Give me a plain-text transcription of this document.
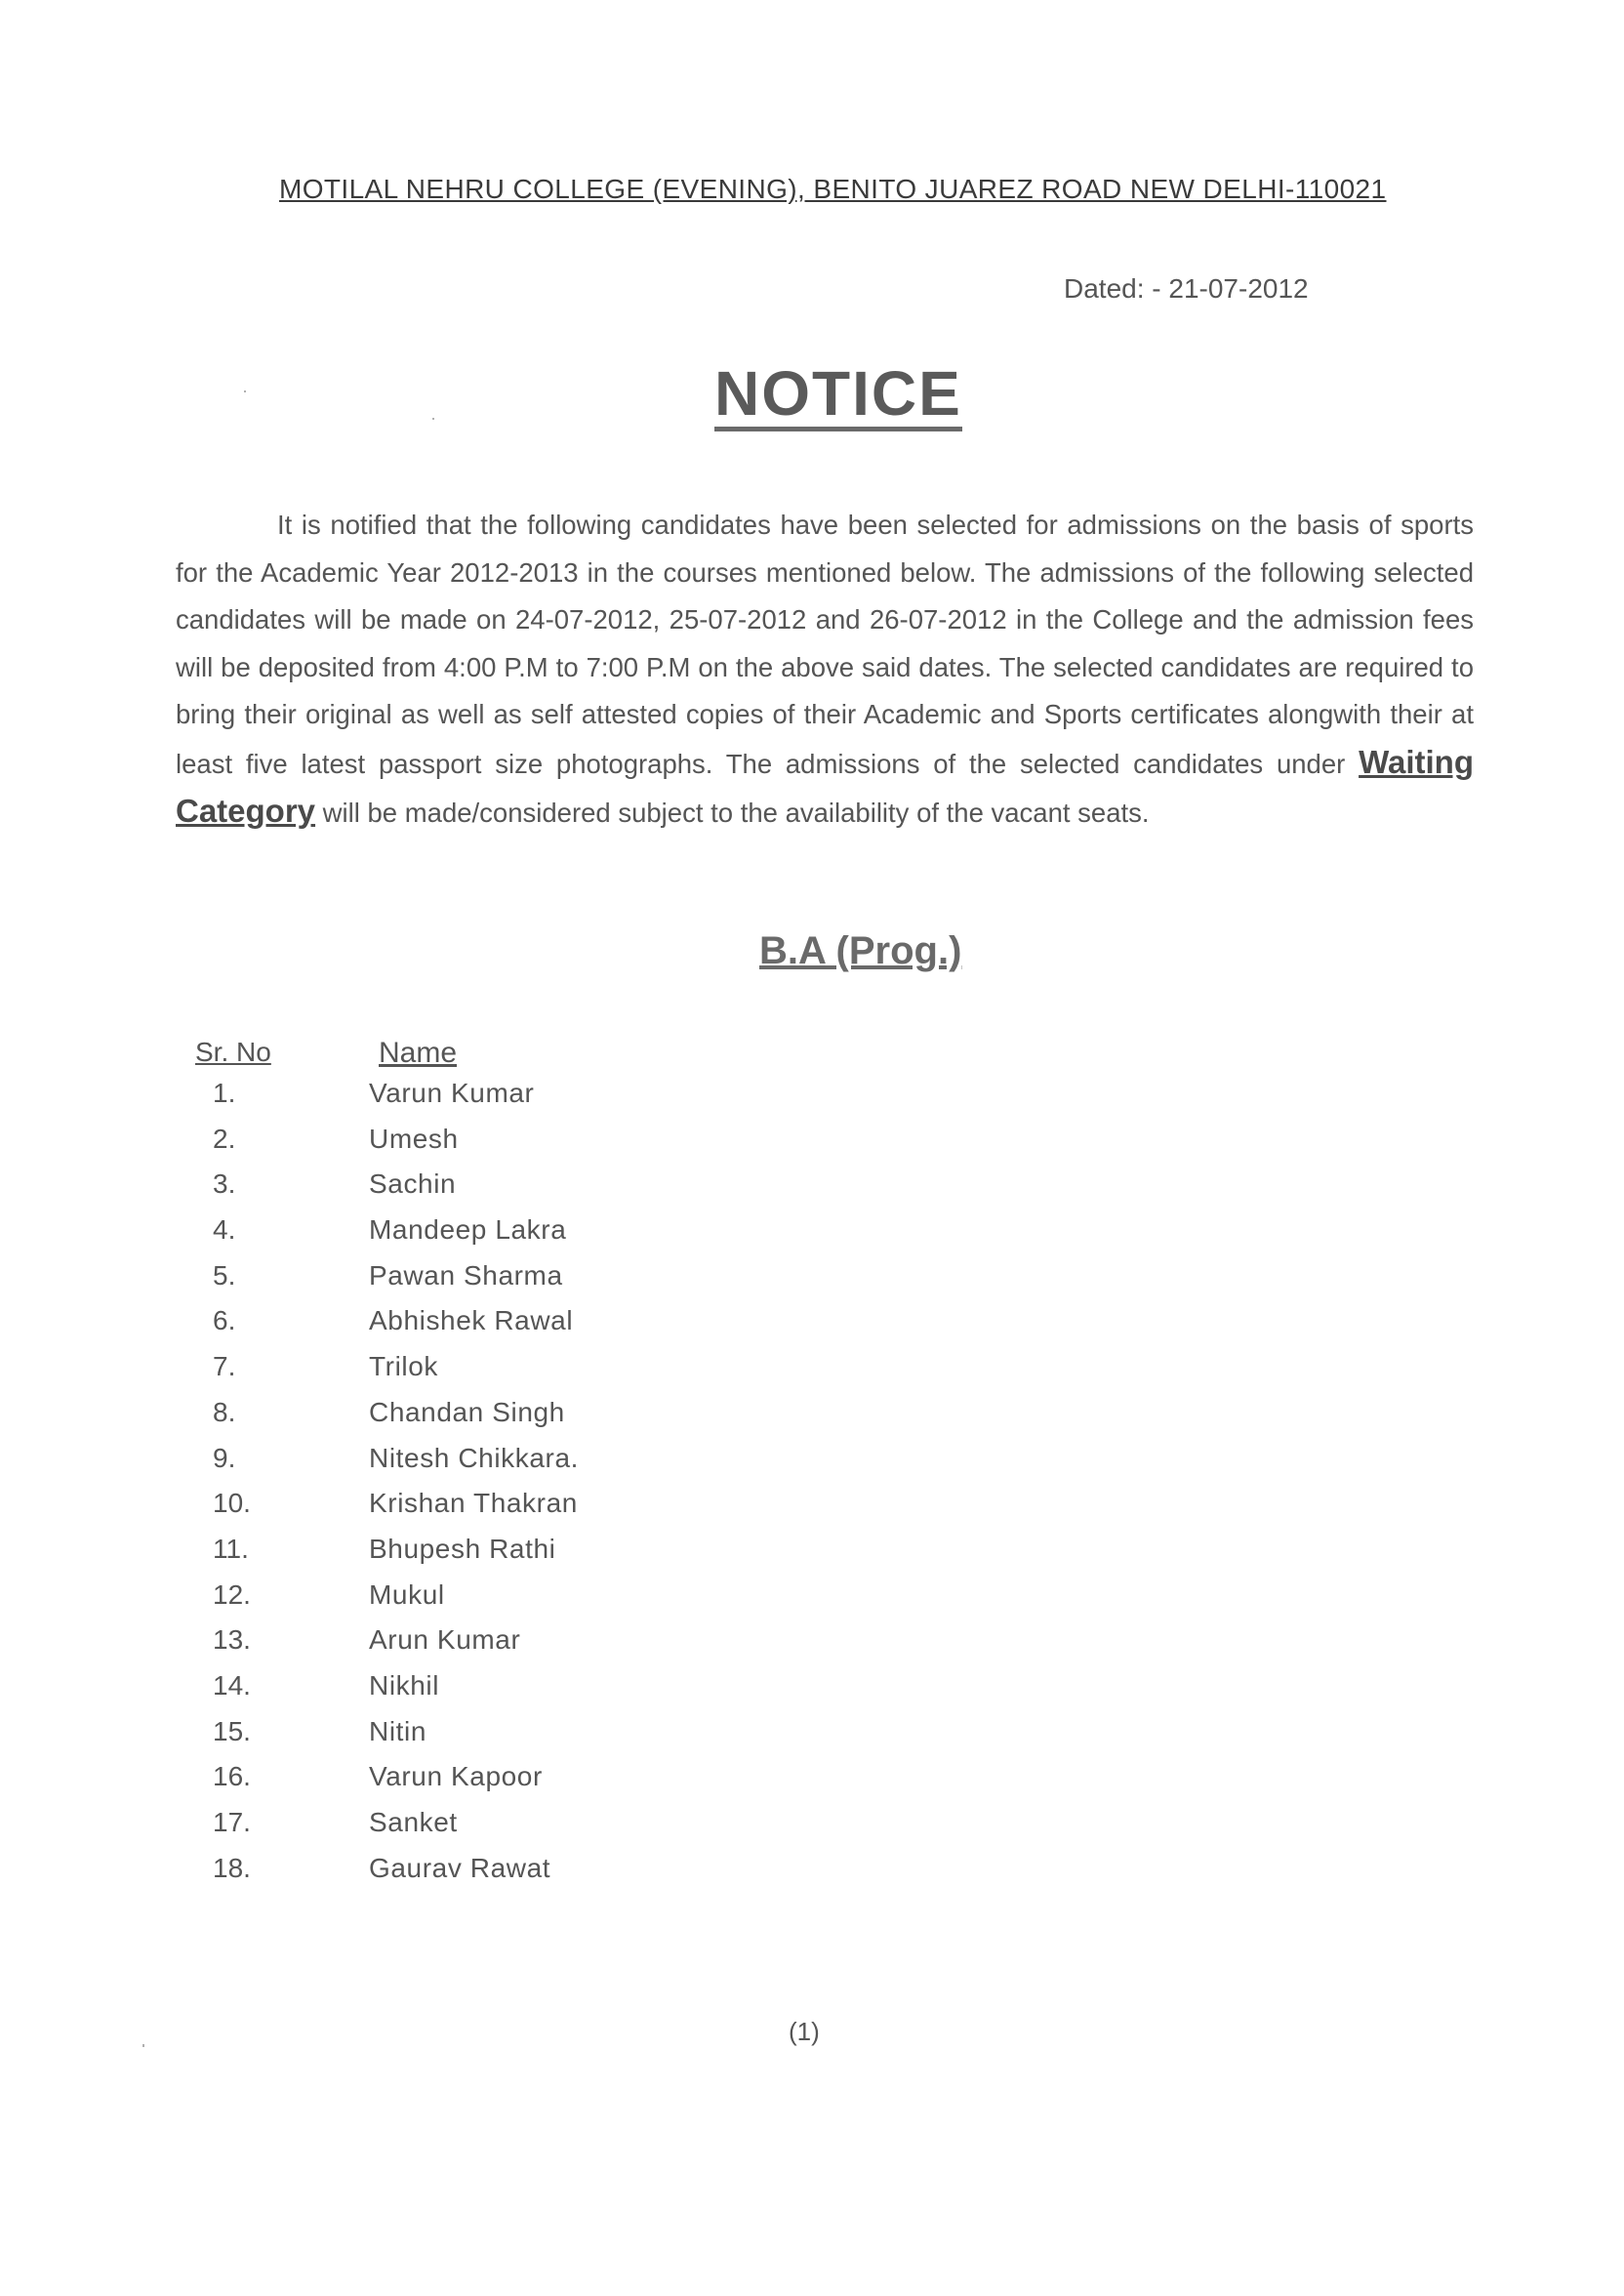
MOTILAL NEHRU COLLEGE (EVENING), BENITO JUAREZ ROAD NEW DELHI-110021
Dated: - 21-07-2012
NOTICE
It is notified that the following candidates have been selected for admissions on the basis of sports for the Academic Year 2012-2013 in the courses mentioned below. The admissions of the following selected candidates will be made on 24-07-2012, 25-07-2012 and 26-07-2012 in the College and the admission fees will be deposited from 4:00 P.M to 7:00 P.M on the above said dates. The selected candidates are required to bring their original as well as self attested copies of their Academic and Sports certificates alongwith their at least five latest passport size photographs. The admissions of the selected candidates under Waiting Category will be made/considered subject to the availability of the vacant seats.
B.A (Prog.)
Sr. No	Name
1.	Varun Kumar
2.	Umesh
3.	Sachin
4.	Mandeep Lakra
5.	Pawan Sharma
6.	Abhishek Rawal
7.	Trilok
8.	Chandan Singh
9.	Nitesh Chikkara.
10.	Krishan Thakran
11.	Bhupesh Rathi
12.	Mukul
13.	Arun Kumar
14.	Nikhil
15.	Nitin
16.	Varun Kapoor
17.	Sanket
18.	Gaurav Rawat
(1)
